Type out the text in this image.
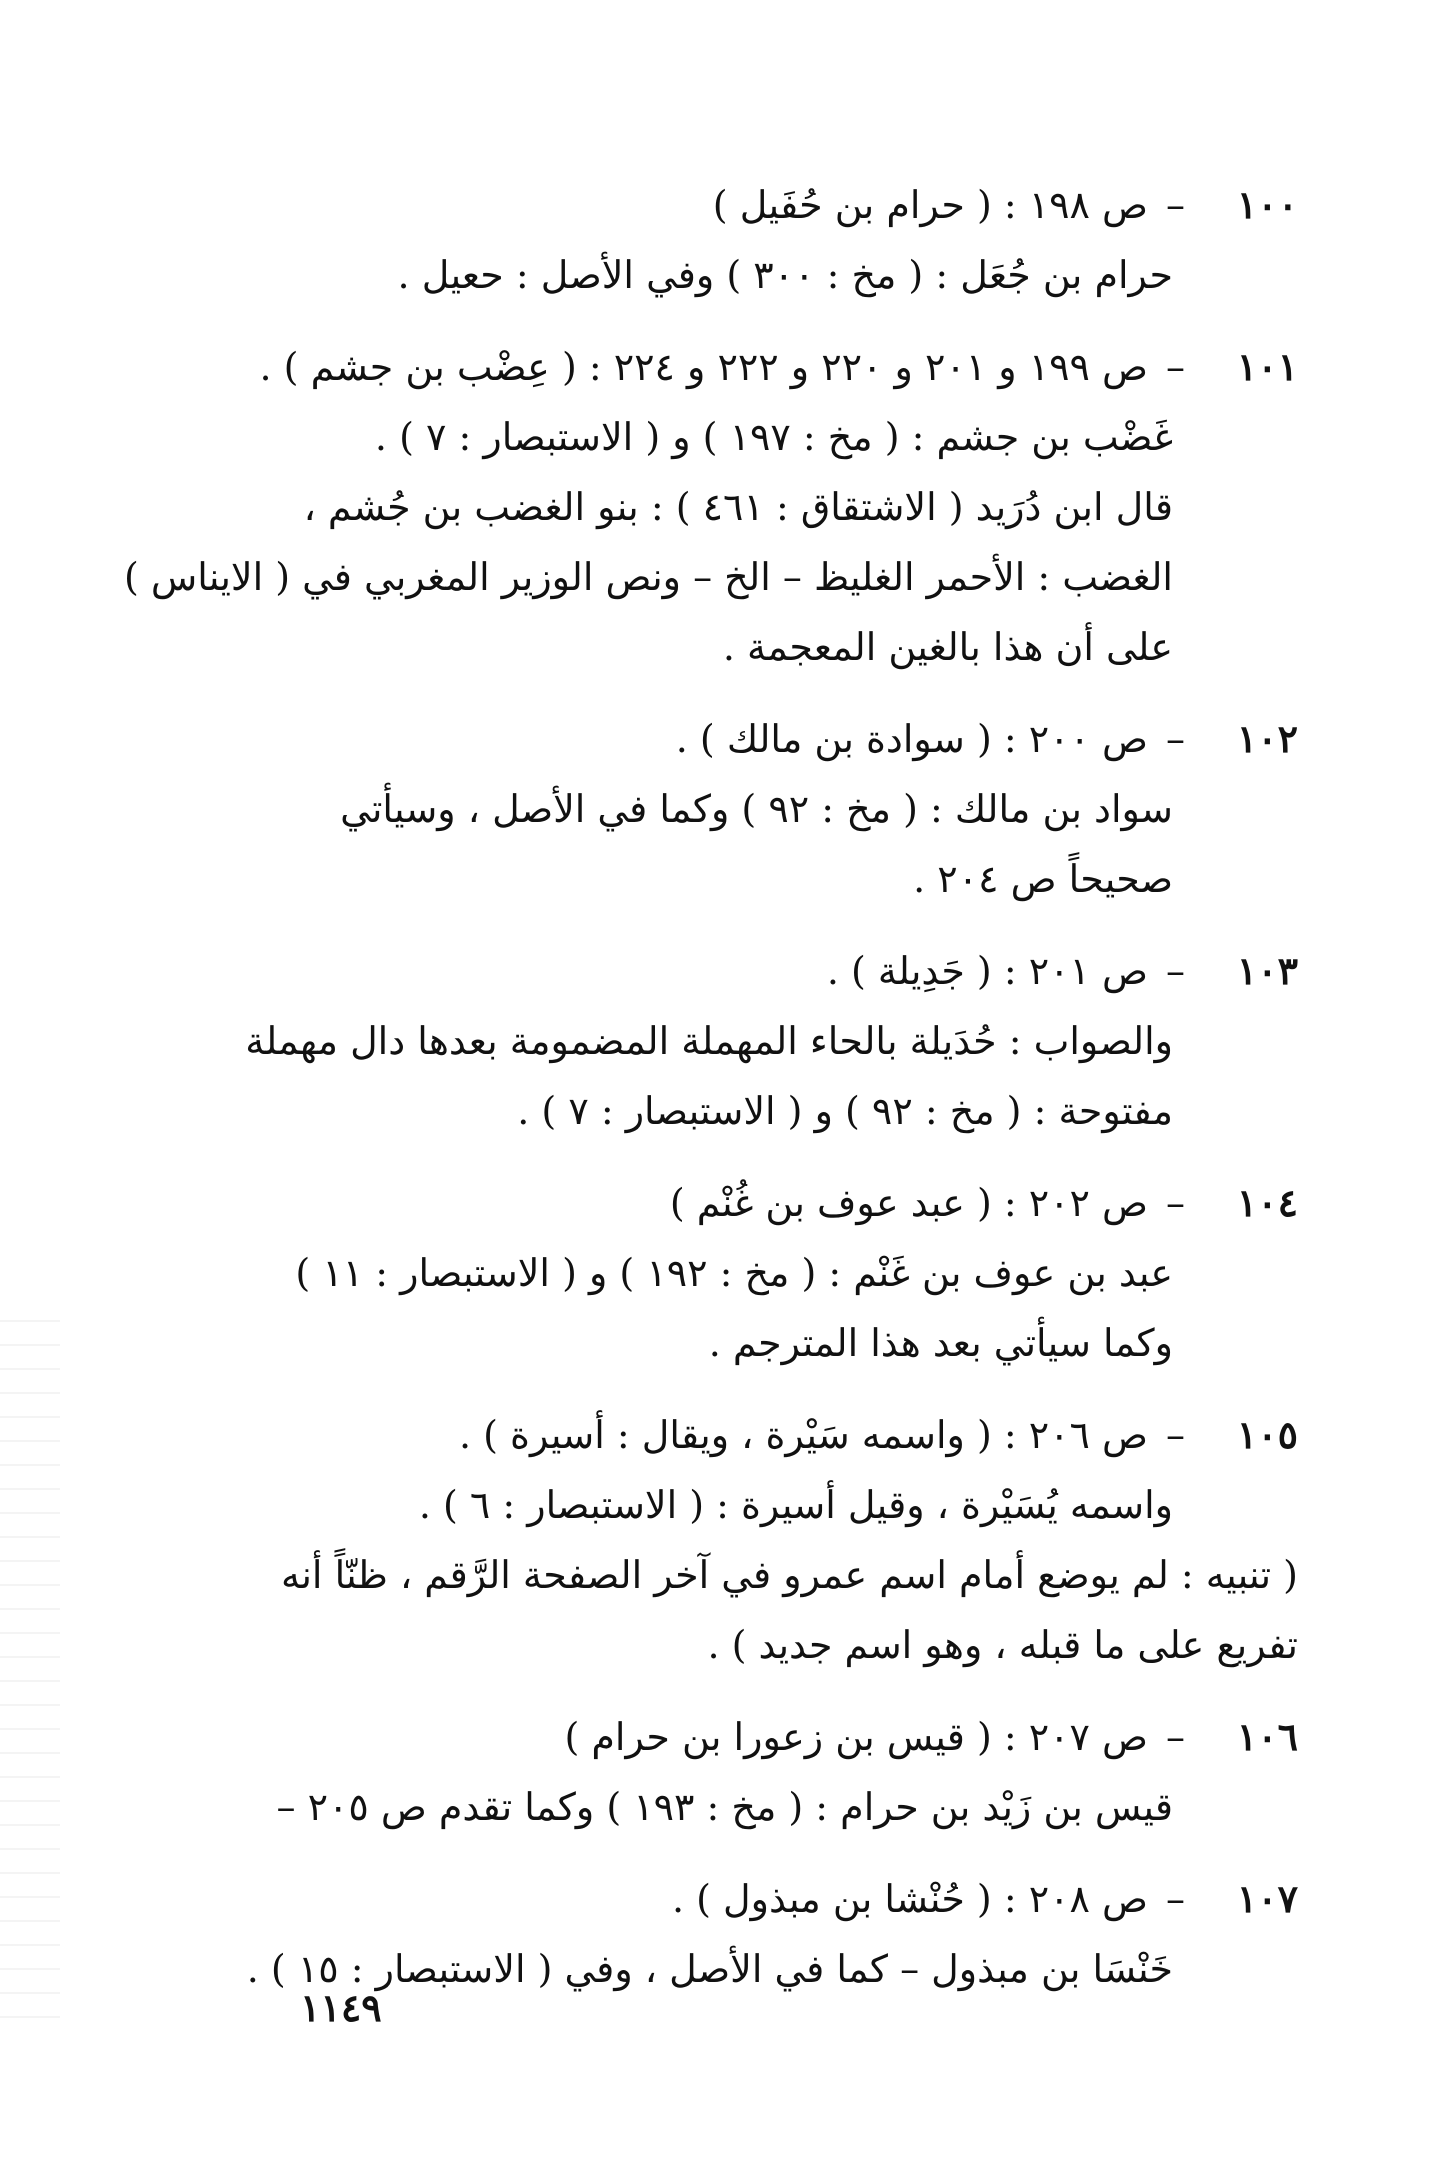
١٠٠
–
ص ١٩٨ : ( حرام بن حُفَيل )
حرام بن جُعَل : ( مخ : ٣٠٠ ) وفي الأصل : حعيل .
١٠١
–
ص ١٩٩ و ٢٠١ و ٢٢٠ و ٢٢٢ و ٢٢٤ : ( عِضْب بن جشم ) .
غَضْب بن جشم : ( مخ : ١٩٧ ) و ( الاستبصار : ٧ ) .
قال ابن دُرَيد ( الاشتقاق : ٤٦١ ) : بنو الغضب بن جُشم ،
الغضب : الأحمر الغليظ – الخ – ونص الوزير المغربي في ( الايناس )
على أن هذا بالغين المعجمة .
١٠٢
–
ص ٢٠٠ : ( سوادة بن مالك ) .
سواد بن مالك : ( مخ : ٩٢ ) وكما في الأصل ، وسيأتي
صحيحاً ص ٢٠٤ .
١٠٣
–
ص ٢٠١ : ( جَدِيلة ) .
والصواب : حُدَيلة بالحاء المهملة المضمومة بعدها دال مهملة
مفتوحة : ( مخ : ٩٢ ) و ( الاستبصار : ٧ ) .
١٠٤
–
ص ٢٠٢ : ( عبد عوف بن غُنْم )
عبد بن عوف بن غَنْم : ( مخ : ١٩٢ ) و ( الاستبصار : ١١ )
وكما سيأتي بعد هذا المترجم .
١٠٥
–
ص ٢٠٦ : ( واسمه سَيْرة ، ويقال : أسيرة ) .
واسمه يُسَيْرة ، وقيل أسيرة : ( الاستبصار : ٦ ) .
( تنبيه : لم يوضع أمام اسم عمرو في آخر الصفحة الرَّقم ، ظنّاً أنه
تفريع على ما قبله ، وهو اسم جديد ) .
١٠٦
–
ص ٢٠٧ : ( قيس بن زعورا بن حرام )
قيس بن زَيْد بن حرام : ( مخ : ١٩٣ ) وكما تقدم ص ٢٠٥ –
١٠٧
–
ص ٢٠٨ : ( حُنْشا بن مبذول ) .
خَنْسَا بن مبذول – كما في الأصل ، وفي ( الاستبصار : ١٥ ) .
١١٤٩
